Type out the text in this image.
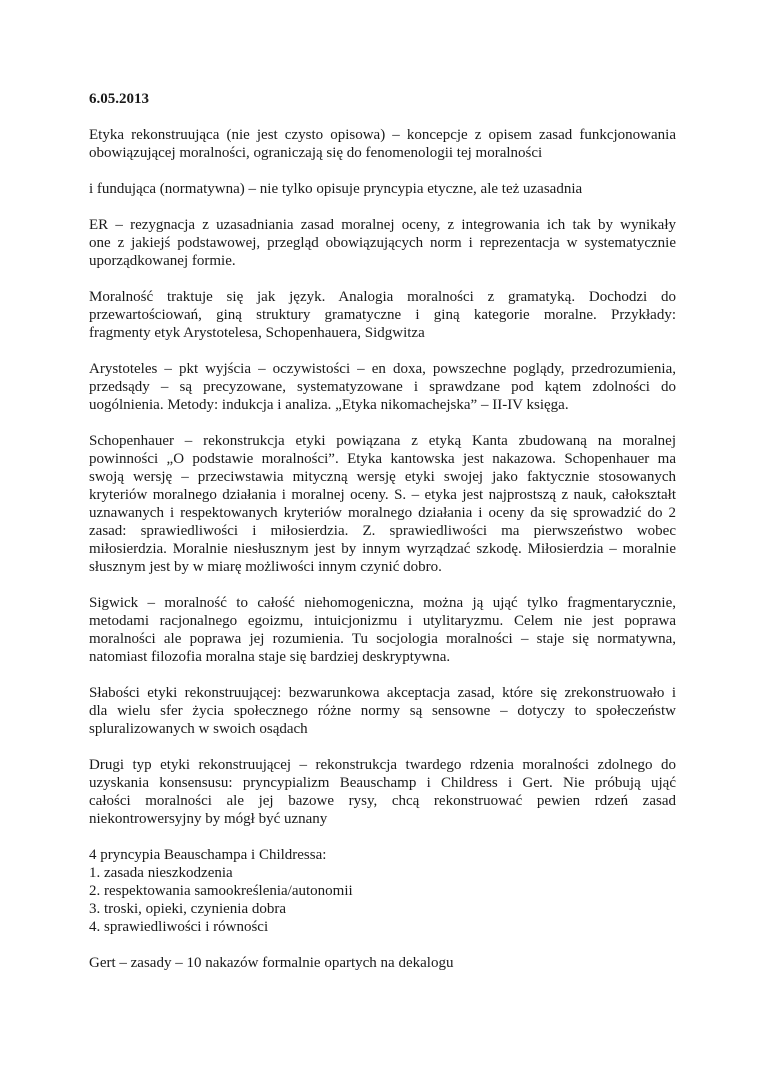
6.05.2013
Etyka rekonstruująca (nie jest czysto opisowa) – koncepcje z opisem zasad funkcjonowania
obowiązującej moralności, ograniczają się do fenomenologii tej moralności
i fundująca (normatywna) – nie tylko opisuje pryncypia etyczne, ale też uzasadnia
ER – rezygnacja z uzasadniania zasad moralnej oceny, z integrowania ich tak by wynikały
one z jakiejś podstawowej, przegląd obowiązujących norm i reprezentacja w systematycznie
uporządkowanej formie.
Moralność traktuje się jak język. Analogia moralności z gramatyką. Dochodzi do
przewartościowań, giną struktury gramatyczne i giną kategorie moralne. Przykłady:
fragmenty etyk Arystotelesa, Schopenhauera, Sidgwitza
Arystoteles – pkt wyjścia – oczywistości – en doxa, powszechne poglądy, przedrozumienia,
przedsądy – są precyzowane, systematyzowane i sprawdzane pod kątem zdolności do
uogólnienia. Metody: indukcja i analiza. „Etyka nikomachejska” – II-IV księga.
Schopenhauer – rekonstrukcja etyki powiązana z etyką Kanta zbudowaną na moralnej
powinności „O podstawie moralności”. Etyka kantowska jest nakazowa. Schopenhauer ma
swoją wersję – przeciwstawia mityczną wersję etyki swojej jako faktycznie stosowanych
kryteriów moralnego działania i moralnej oceny. S. – etyka jest najprostszą z nauk, całokształt
uznawanych i respektowanych kryteriów moralnego działania i oceny da się sprowadzić do 2
zasad: sprawiedliwości i miłosierdzia. Z. sprawiedliwości ma pierwszeństwo wobec
miłosierdzia. Moralnie niesłusznym jest by innym wyrządzać szkodę. Miłosierdzia – moralnie
słusznym jest by w miarę możliwości innym czynić dobro.
Sigwick – moralność to całość niehomogeniczna, można ją ująć tylko fragmentarycznie,
metodami racjonalnego egoizmu, intuicjonizmu i utylitaryzmu. Celem nie jest poprawa
moralności ale poprawa jej rozumienia. Tu socjologia moralności – staje się normatywna,
natomiast filozofia moralna staje się bardziej deskryptywna.
Słabości etyki rekonstruującej: bezwarunkowa akceptacja zasad, które się zrekonstruowało i
dla wielu sfer życia społecznego różne normy są sensowne – dotyczy to społeczeństw
spluralizowanych w swoich osądach
Drugi typ etyki rekonstruującej – rekonstrukcja twardego rdzenia moralności zdolnego do
uzyskania konsensusu: pryncypializm Beauschamp i Childress i Gert. Nie próbują ująć
całości moralności ale jej bazowe rysy, chcą rekonstruować pewien rdzeń zasad
niekontrowersyjny by mógł być uznany
4 pryncypia Beauschampa i Childressa:
1. zasada nieszkodzenia
2. respektowania samookreślenia/autonomii
3. troski, opieki, czynienia dobra
4. sprawiedliwości i równości
Gert – zasady – 10 nakazów formalnie opartych na dekalogu
